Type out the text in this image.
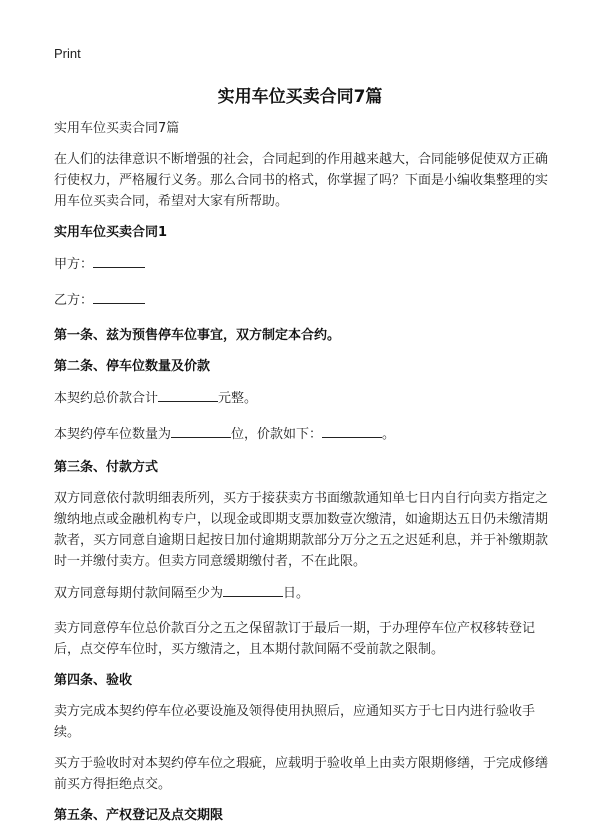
Print
实用车位买卖合同7篇

实用车位买卖合同7篇

在人们的法律意识不断增强的社会，合同起到的作用越来越大，合同能够促使双方正确行使权力，严格履行义务。那么合同书的格式，你掌握了吗？下面是小编收集整理的实用车位买卖合同，希望对大家有所帮助。

实用车位买卖合同1

甲方：

乙方：

第一条、兹为预售停车位事宜，双方制定本合约。

第二条、停车位数量及价款

本契约总价款合计	元整。

本契约停车位数量为	位，价款如下：	。

第三条、付款方式

双方同意依付款明细表所列，买方于接获卖方书面缴款通知单七日内自行向卖方指定之缴纳地点或金融机构专户，以现金或即期支票加数壹次缴清，如逾期达五日仍未缴清期款者，买方同意自逾期日起按日加付逾期期款部分万分之五之迟延利息，并于补缴期款时一并缴付卖方。但卖方同意缓期缴付者，不在此限。

双方同意每期付款间隔至少为	日。

卖方同意停车位总价款百分之五之保留款订于最后一期，于办理停车位产权移转登记后，点交停车位时，买方缴清之，且本期付款间隔不受前款之限制。

第四条、验收

卖方完成本契约停车位必要设施及领得使用执照后，应通知买方于七日内进行验收手续。

买方于验收时对本契约停车位之瑕疵，应载明于验收单上由卖方限期修缮，于完成修缮前买方得拒绝点交。

第五条、产权登记及点交期限
